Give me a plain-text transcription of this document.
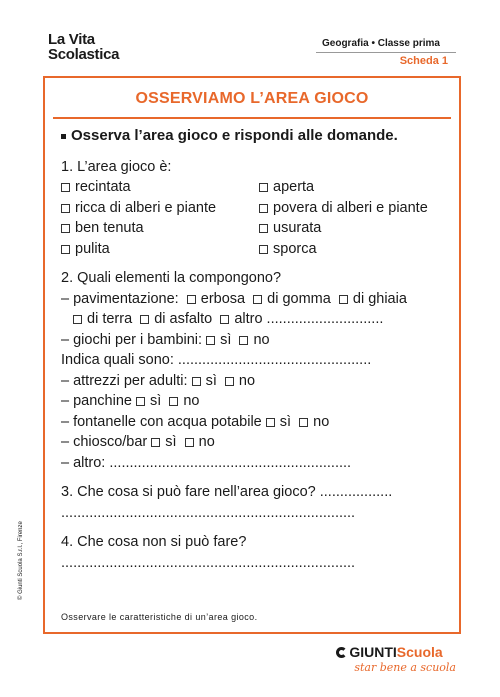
La Vita
Scolastica
Geografia • Classe prima
Scheda 1
OSSERVIAMO L’AREA GIOCO
Osserva l’area gioco e rispondi alle domande.
1. L’area gioco è:
recintata	aperta
ricca di alberi e piante	povera di alberi e piante
ben tenuta	usurata
pulita	sporca
2. Quali elementi la compongono?
– pavimentazione: erbosa di gomma di ghiaia
di terra di asfalto altro .............................
– giochi per i bambini: sì no
Indica quali sono: ................................................
– attrezzi per adulti: sì no
– panchine sì no
– fontanelle con acqua potabile sì no
– chiosco/bar sì no
– altro: ............................................................
3. Che cosa si può fare nell’area gioco? ..................
.........................................................................
4. Che cosa non si può fare?
.........................................................................
Osservare le caratteristiche di un’area gioco.
© Giunti Scuola S.r.l., Firenze
GIUNTIScuola
star bene a scuola
